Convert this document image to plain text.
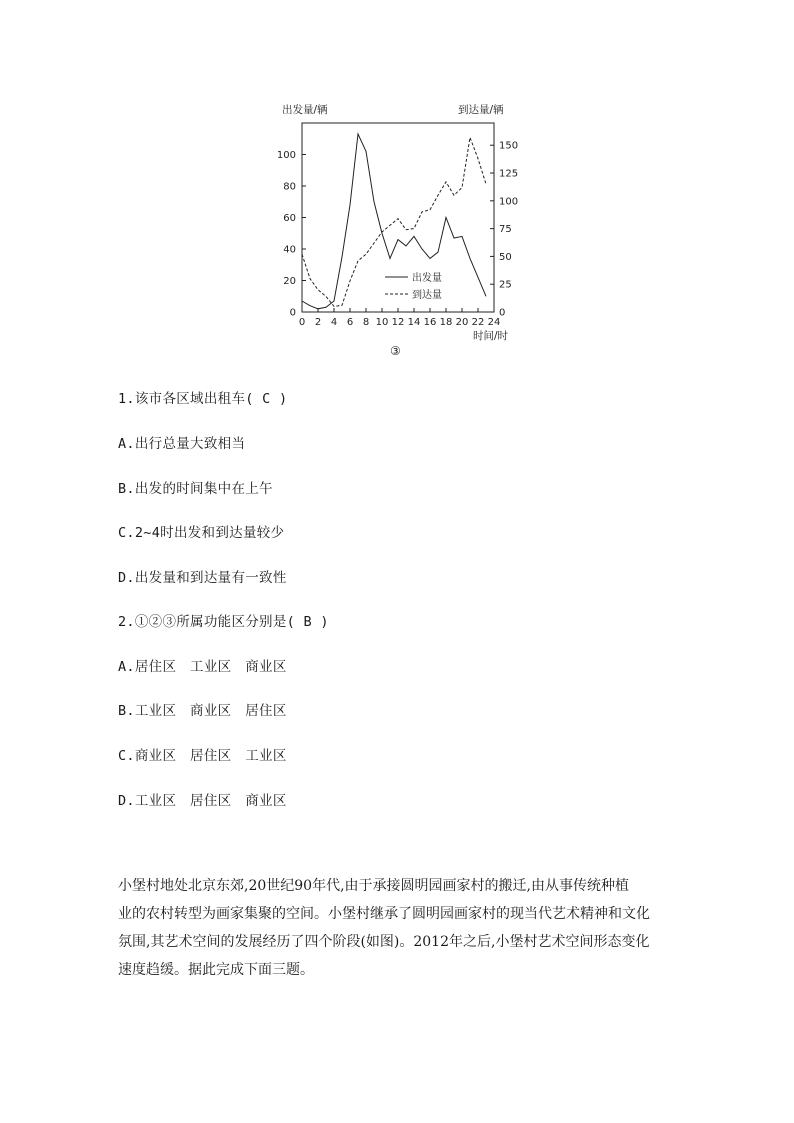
出发量/辆	到达量/辆
0
20
40
60
80
100
0
25
50
75
100
125
150
0 2 4 6 8 10 12 14 16 18 20 22 24
出发量
到达量
时间/时
③
1.该市各区域出租车( C )
A.出行总量大致相当
B.出发的时间集中在上午
C.2~4时出发和到达量较少
D.出发量和到达量有一致性
2.①②③所属功能区分别是( B )
A.居住区　工业区　商业区
B.工业区　商业区　居住区
C.商业区　居住区　工业区
D.工业区　居住区　商业区

小堡村地处北京东郊,20世纪90年代,由于承接圆明园画家村的搬迁,由从事传统种植

业的农村转型为画家集聚的空间。小堡村继承了圆明园画家村的现当代艺术精神和文化

氛围,其艺术空间的发展经历了四个阶段(如图)。2012年之后,小堡村艺术空间形态变化

速度趋缓。据此完成下面三题。
